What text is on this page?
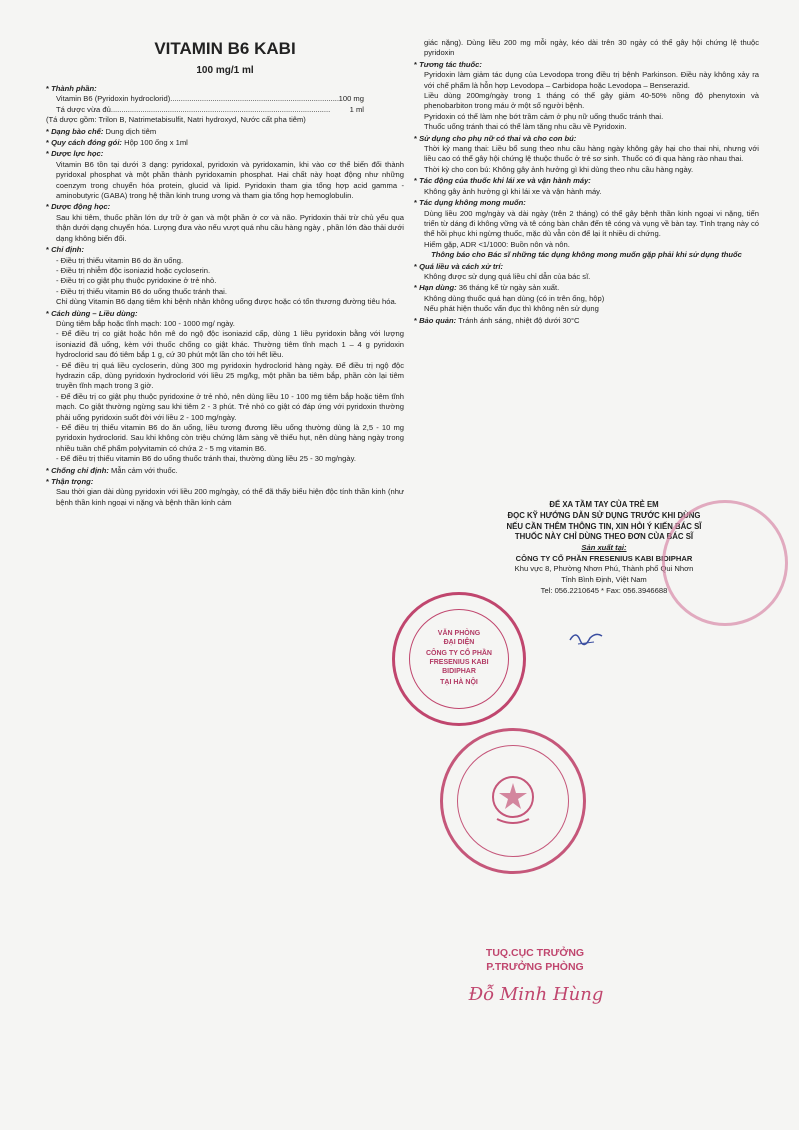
VITAMIN B6 KABI
100 mg/1 ml
* Thành phần:
Vitamin B6 (Pyridoxin hydroclorid) .....	100 mg
Tá dược vừa đủ .....	1 ml
(Tá dược gồm: Trilon B, Natrimetabisulfit, Natri hydroxyd, Nước cất pha tiêm)
* Dạng bào chế: Dung dịch tiêm
* Quy cách đóng gói: Hộp 100 ống x 1ml
* Dược lực học:
Vitamin B6 tồn tại dưới 3 dạng: pyridoxal, pyridoxin và pyridoxamin, khi vào cơ thể biến đổi thành pyridoxal phosphat và một phần thành pyridoxamin phosphat. Hai chất này hoạt động như những coenzym trong chuyển hóa protein, glucid và lipid. Pyridoxin tham gia tổng hợp acid gamma - aminobutyric (GABA) trong hệ thần kinh trung ương và tham gia tổng hợp hemoglobulin.
* Dược động học:
Sau khi tiêm, thuốc phần lớn dự trữ ở gan và một phần ở cơ và não. Pyridoxin thải trừ chủ yếu qua thận dưới dạng chuyển hóa. Lượng đưa vào nếu vượt quá nhu cầu hàng ngày , phần lớn đào thải dưới dạng không biến đổi.
* Chỉ định:
- Điều trị thiếu vitamin B6 do ăn uống.
- Điều trị nhiễm độc isoniazid hoặc cycloserin.
- Điều trị co giật phụ thuộc pyridoxine ở trẻ nhỏ.
- Điều trị thiếu vitamin B6 do uống thuốc tránh thai.
Chỉ dùng Vitamin B6 dạng tiêm khi bệnh nhân không uống được hoặc có tổn thương đường tiêu hóa.
* Cách dùng – Liều dùng:
Dùng tiêm bắp hoặc tĩnh mạch: 100 - 1000 mg/ ngày.
- Để điều trị co giật hoặc hôn mê do ngộ độc isoniazid cấp, dùng 1 liều pyridoxin bằng với lượng isoniazid đã uống, kèm với thuốc chống co giật khác. Thường tiêm tĩnh mạch 1 – 4 g pyridoxin hydroclorid sau đó tiêm bắp 1 g, cứ 30 phút một lần cho tới hết liều.
- Để điều trị quá liều cycloserin, dùng 300 mg pyridoxin hydroclorid hàng ngày. Để điều trị ngộ độc hydrazin cấp, dùng pyridoxin hydroclorid với liều 25 mg/kg, một phần ba tiêm bắp, phần còn lại tiêm truyền tĩnh mạch trong 3 giờ.
- Để điều trị co giật phụ thuộc pyridoxine ở trẻ nhỏ, nên dùng liều 10 - 100 mg tiêm bắp hoặc tiêm tĩnh mạch. Co giật thường ngừng sau khi tiêm 2 - 3 phút. Trẻ nhỏ co giật có đáp ứng với pyridoxin thường phải uống pyridoxin suốt đời với liều 2 - 100 mg/ngày.
- Để điều trị thiếu vitamin B6 do ăn uống, liều tương đương liều uống thường dùng là 2,5 - 10 mg pyridoxin hydroclorid. Sau khi không còn triệu chứng lâm sàng về thiếu hụt, nên dùng hàng ngày trong nhiều tuần chế phẩm polyvitamin có chứa 2 - 5 mg vitamin B6.
- Để điều trị thiếu vitamin B6 do uống thuốc tránh thai, thường dùng liều 25 - 30 mg/ngày.
* Chống chỉ định: Mẫn cảm với thuốc.
* Thận trọng:
Sau thời gian dài dùng pyridoxin với liều 200 mg/ngày, có thể đã thấy biểu hiện độc tính thần kinh (như bệnh thần kinh ngoại vi nặng và bệnh thần kinh cảm
giác nặng). Dùng liều 200 mg mỗi ngày, kéo dài trên 30 ngày có thể gây hội chứng lệ thuộc pyridoxin
* Tương tác thuốc:
Pyridoxin làm giảm tác dụng của Levodopa trong điều trị bệnh Parkinson. Điều này không xảy ra với chế phẩm là hỗn hợp Levodopa – Carbidopa hoặc Levodopa – Benserazid.
Liều dùng 200mg/ngày trong 1 tháng có thể gây giảm 40-50% nồng độ phenytoxin và phenobarbiton trong máu ở một số người bệnh.
Pyridoxin có thể làm nhẹ bớt trầm cảm ở phụ nữ uống thuốc tránh thai.
Thuốc uống tránh thai có thể làm tăng nhu cầu về Pyridoxin.
* Sử dụng cho phụ nữ có thai và cho con bú:
Thời kỳ mang thai: Liều bổ sung theo nhu cầu hàng ngày không gây hại cho thai nhi, nhưng với liều cao có thể gây hội chứng lệ thuộc thuốc ở trẻ sơ sinh. Thuốc có đi qua hàng rào nhau thai.
Thời kỳ cho con bú: Không gây ảnh hưởng gì khi dùng theo nhu cầu hàng ngày.
* Tác động của thuốc khi lái xe và vận hành máy:
Không gây ảnh hưởng gì khi lái xe và vận hành máy.
* Tác dụng không mong muốn:
Dùng liều 200 mg/ngày và dài ngày (trên 2 tháng) có thể gây bệnh thần kinh ngoại vi nặng, tiến triển từ dáng đi không vững và tê cóng bàn chân đến tê cóng và vụng về bàn tay. Tình trạng này có thể hồi phục khi ngừng thuốc, mặc dù vẫn còn để lại ít nhiều di chứng.
Hiếm gặp, ADR <1/1000: Buồn nôn và nôn.
Thông báo cho Bác sĩ những tác dụng không mong muốn gặp phải khi sử dụng thuốc
* Quá liều và cách xử trí:
Không được sử dụng quá liều chỉ dẫn của bác sĩ.
* Hạn dùng: 36 tháng kể từ ngày sản xuất.
Không dùng thuốc quá hạn dùng (có in trên ống, hộp)
Nếu phát hiện thuốc vẩn đục thì không nên sử dụng
* Bảo quản: Tránh ánh sáng, nhiệt độ dưới 30°C
ĐỂ XA TẦM TAY CỦA TRẺ EM
ĐỌC KỸ HƯỚNG DẪN SỬ DỤNG TRƯỚC KHI DÙNG
NẾU CẦN THÊM THÔNG TIN, XIN HỎI Ý KIẾN BÁC SĨ
THUỐC NÀY CHỈ DÙNG THEO ĐƠN CỦA BÁC SĨ
Sản xuất tại:
CÔNG TY CỔ PHẦN FRESENIUS KABI BIDIPHAR
Khu vực 8, Phường Nhơn Phú, Thành phố Qui Nhơn
Tỉnh Bình Định, Việt Nam
Tel: 056.2210645 * Fax: 056.3946688
VĂN PHÒNG
ĐẠI DIỆN
CÔNG TY CỔ PHẦN
FRESENIUS KABI
BIDIPHAR
TẠI HÀ NỘI
TUQ.CỤC TRƯỞNG
P.TRƯỞNG PHÒNG
Đỗ Minh Hùng
